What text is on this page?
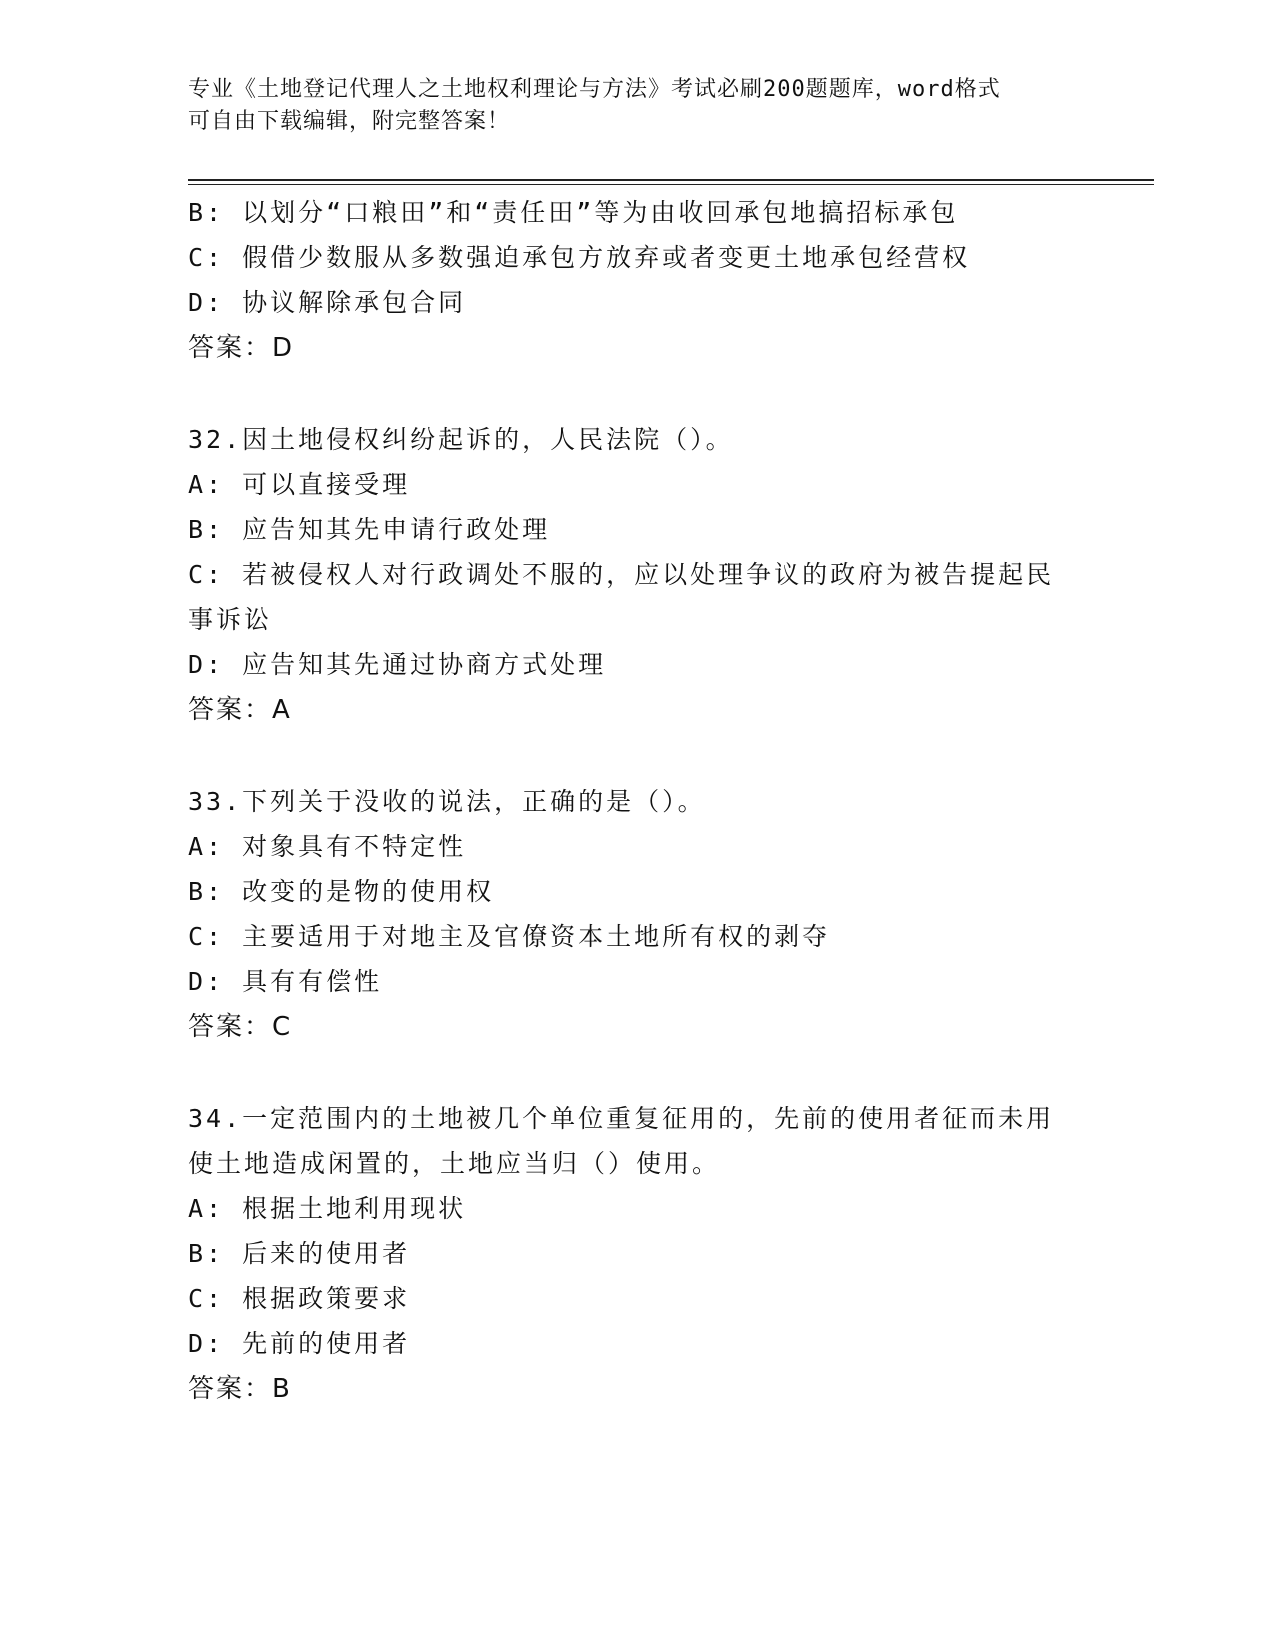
专业《土地登记代理人之土地权利理论与方法》考试必刷200题题库，word格式
可自由下载编辑，附完整答案！
B: 以划分“口粮田”和“责任田”等为由收回承包地搞招标承包
C: 假借少数服从多数强迫承包方放弃或者变更土地承包经营权
D: 协议解除承包合同
答案：D
32.因土地侵权纠纷起诉的，人民法院（）。
A: 可以直接受理
B: 应告知其先申请行政处理
C: 若被侵权人对行政调处不服的，应以处理争议的政府为被告提起民
事诉讼
D: 应告知其先通过协商方式处理
答案：A
33.下列关于没收的说法，正确的是（）。
A: 对象具有不特定性
B: 改变的是物的使用权
C: 主要适用于对地主及官僚资本土地所有权的剥夺
D: 具有有偿性
答案：C
34.一定范围内的土地被几个单位重复征用的，先前的使用者征而未用
使土地造成闲置的，土地应当归（）使用。
A: 根据土地利用现状
B: 后来的使用者
C: 根据政策要求
D: 先前的使用者
答案：B
